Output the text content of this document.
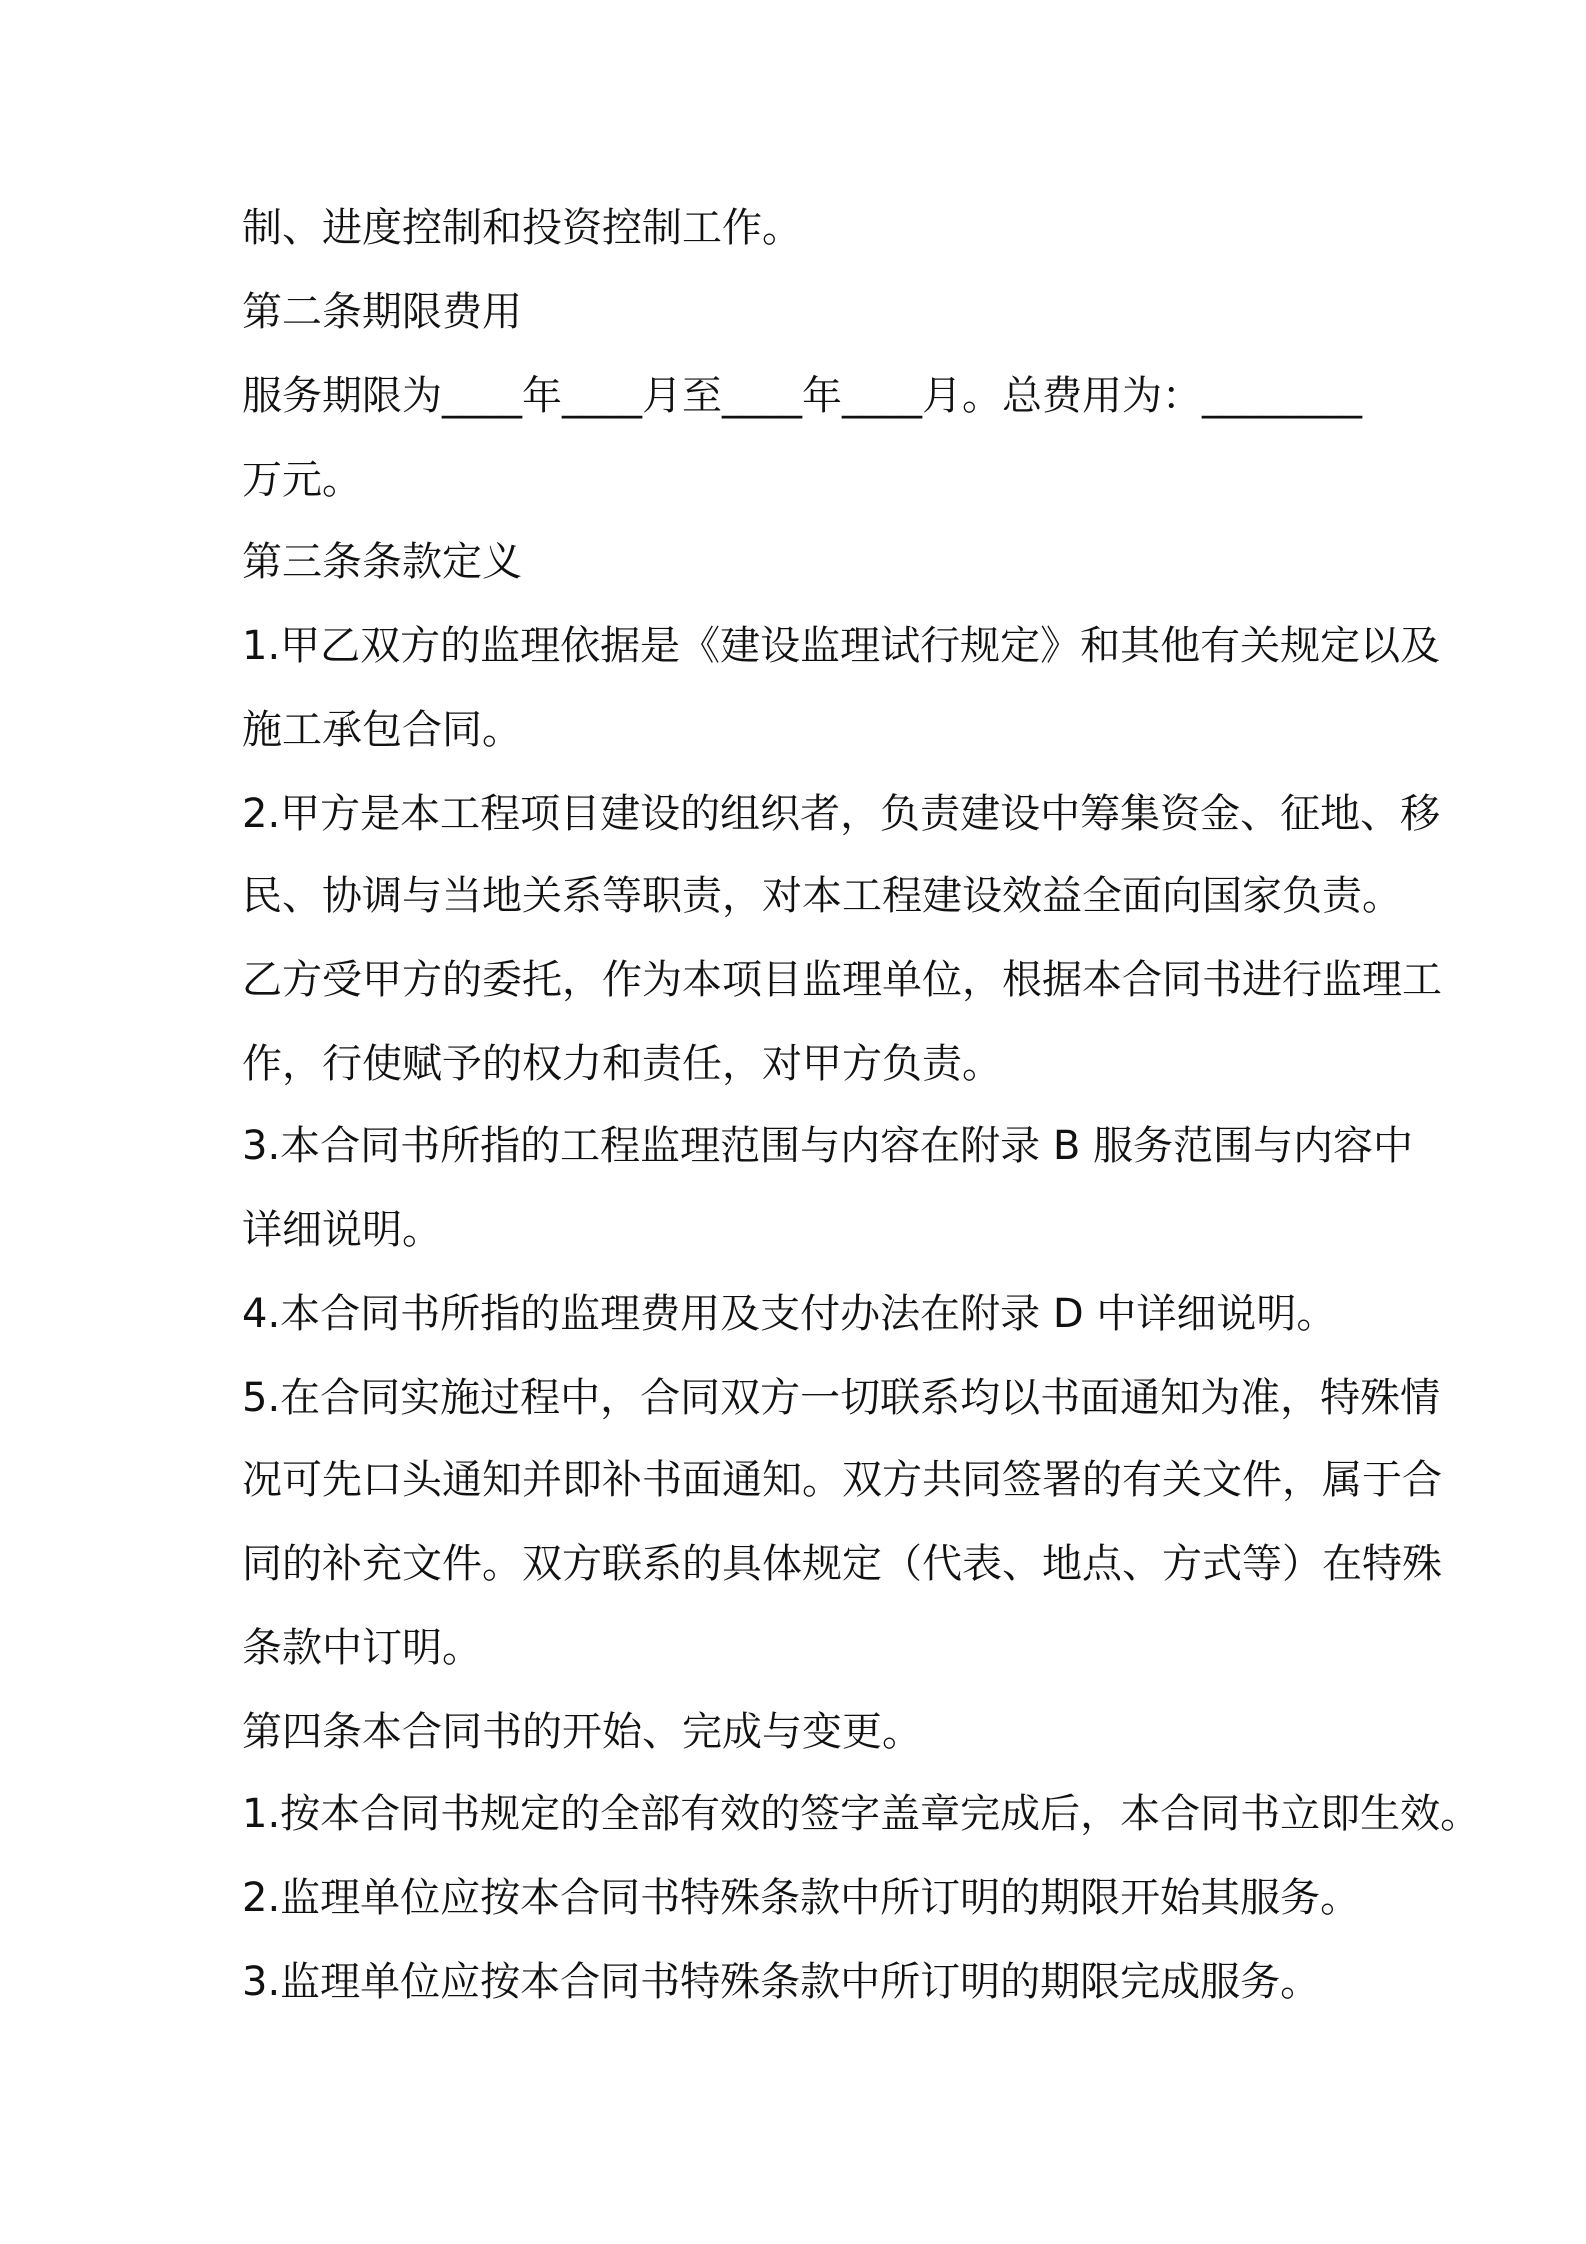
制、进度控制和投资控制工作。
第二条期限费用
服务期限为____年____月至____年____月。总费用为：________
万元。
第三条条款定义
1.甲乙双方的监理依据是《建设监理试行规定》和其他有关规定以及
施工承包合同。
2.甲方是本工程项目建设的组织者，负责建设中筹集资金、征地、移
民、协调与当地关系等职责，对本工程建设效益全面向国家负责。
乙方受甲方的委托，作为本项目监理单位，根据本合同书进行监理工
作，行使赋予的权力和责任，对甲方负责。
3.本合同书所指的工程监理范围与内容在附录 B 服务范围与内容中
详细说明。
4.本合同书所指的监理费用及支付办法在附录 D 中详细说明。
5.在合同实施过程中，合同双方一切联系均以书面通知为准，特殊情
况可先口头通知并即补书面通知。双方共同签署的有关文件，属于合
同的补充文件。双方联系的具体规定（代表、地点、方式等）在特殊
条款中订明。
第四条本合同书的开始、完成与变更。
1.按本合同书规定的全部有效的签字盖章完成后，本合同书立即生效。
2.监理单位应按本合同书特殊条款中所订明的期限开始其服务。
3.监理单位应按本合同书特殊条款中所订明的期限完成服务。
